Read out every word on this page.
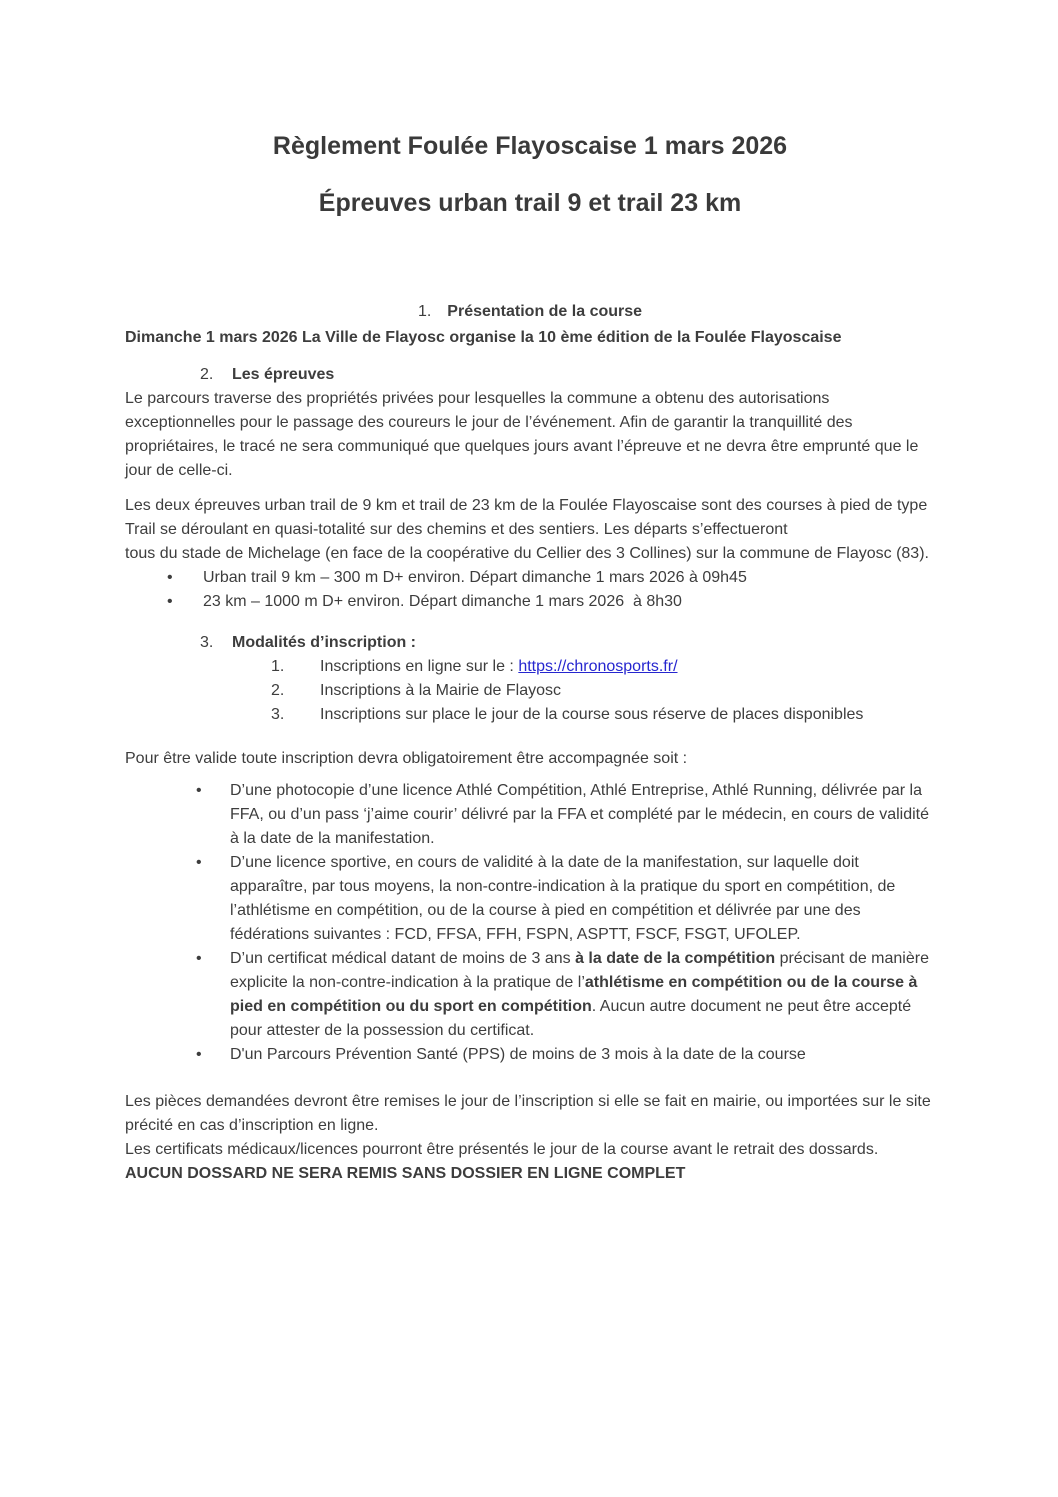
Règlement Foulée Flayoscaise 1 mars 2026
Épreuves urban trail 9 et trail 23 km
1. Présentation de la course
Dimanche 1 mars 2026 La Ville de Flayosc organise la 10 ème édition de la Foulée Flayoscaise
2. Les épreuves
Le parcours traverse des propriétés privées pour lesquelles la commune a obtenu des autorisations exceptionnelles pour le passage des coureurs le jour de l’événement. Afin de garantir la tranquillité des propriétaires, le tracé ne sera communiqué que quelques jours avant l’épreuve et ne devra être emprunté que le jour de celle-ci.
Les deux épreuves urban trail de 9 km et trail de 23 km de la Foulée Flayoscaise sont des courses à pied de type Trail se déroulant en quasi-totalité sur des chemins et des sentiers. Les départs s’effectueront
tous du stade de Michelage (en face de la coopérative du Cellier des 3 Collines) sur la commune de Flayosc (83).
• Urban trail 9 km – 300 m D+ environ. Départ dimanche 1 mars 2026 à 09h45
• 23 km – 1000 m D+ environ. Départ dimanche 1 mars 2026  à 8h30
3. Modalités d’inscription :
1. Inscriptions en ligne sur le : https://chronosports.fr/
2. Inscriptions à la Mairie de Flayosc
3. Inscriptions sur place le jour de la course sous réserve de places disponibles
Pour être valide toute inscription devra obligatoirement être accompagnée soit :
• D’une photocopie d’une licence Athlé Compétition, Athlé Entreprise, Athlé Running, délivrée par la FFA, ou d’un pass ‘j’aime courir’ délivré par la FFA et complété par le médecin, en cours de validité à la date de la manifestation.
• D’une licence sportive, en cours de validité à la date de la manifestation, sur laquelle doit apparaître, par tous moyens, la non-contre-indication à la pratique du sport en compétition, de l’athlétisme en compétition, ou de la course à pied en compétition et délivrée par une des fédérations suivantes : FCD, FFSA, FFH, FSPN, ASPTT, FSCF, FSGT, UFOLEP.
• D’un certificat médical datant de moins de 3 ans à la date de la compétition précisant de manière explicite la non-contre-indication à la pratique de l’athlétisme en compétition ou de la course à pied en compétition ou du sport en compétition. Aucun autre document ne peut être accepté pour attester de la possession du certificat.
• D'un Parcours Prévention Santé (PPS) de moins de 3 mois à la date de la course
Les pièces demandées devront être remises le jour de l’inscription si elle se fait en mairie, ou importées sur le site précité en cas d’inscription en ligne.
Les certificats médicaux/licences pourront être présentés le jour de la course avant le retrait des dossards.
AUCUN DOSSARD NE SERA REMIS SANS DOSSIER EN LIGNE COMPLET
